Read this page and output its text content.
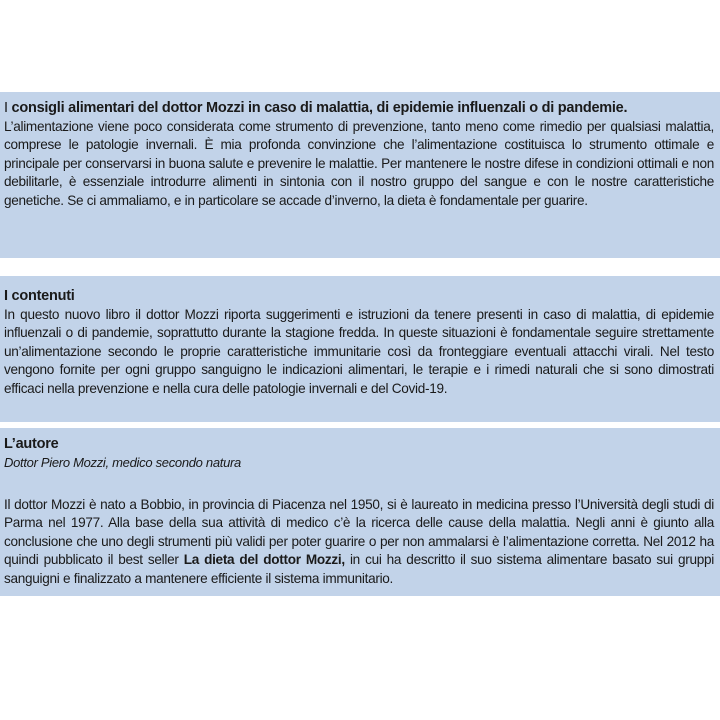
I consigli alimentari del dottor Mozzi in caso di malattia, di epidemie influenzali o di pandemie.

L’alimentazione viene poco considerata come strumento di prevenzione, tanto meno come rimedio per qualsiasi malattia, comprese le patologie invernali. È mia profonda convinzione che l’alimentazione costituisca lo strumento ottimale e principale per conservarsi in buona salute e prevenire le malattie. Per mantenere le nostre difese in condizioni ottimali e non debilitarle, è essenziale introdurre alimenti in sintonia con il nostro gruppo del sangue e con le nostre caratteristiche genetiche. Se ci ammaliamo, e in particolare se accade d’inverno, la dieta è fondamentale per guarire.

I contenuti

In questo nuovo libro il dottor Mozzi riporta suggerimenti e istruzioni da tenere presenti in caso di malattia, di epidemie influenzali o di pandemie, soprattutto durante la stagione fredda. In queste situazioni è fondamentale seguire strettamente un’alimentazione secondo le proprie caratteristiche immunitarie così da fronteggiare eventuali attacchi virali. Nel testo vengono fornite per ogni gruppo sanguigno le indicazioni alimentari, le terapie e i rimedi naturali che si sono dimostrati efficaci nella prevenzione e nella cura delle patologie invernali e del Covid-19.

L’autore

Dottor Piero Mozzi, medico secondo natura

Il dottor Mozzi è nato a Bobbio, in provincia di Piacenza nel 1950, si è laureato in medicina presso l’Università degli studi di Parma nel 1977. Alla base della sua attività di medico c’è la ricerca delle cause della malattia. Negli anni è giunto alla conclusione che uno degli strumenti più validi per poter guarire o per non ammalarsi è l’alimentazione corretta. Nel 2012 ha quindi pubblicato il best seller La dieta del dottor Mozzi, in cui ha descritto il suo sistema alimentare basato sui gruppi sanguigni e finalizzato a mantenere efficiente il sistema immunitario.
